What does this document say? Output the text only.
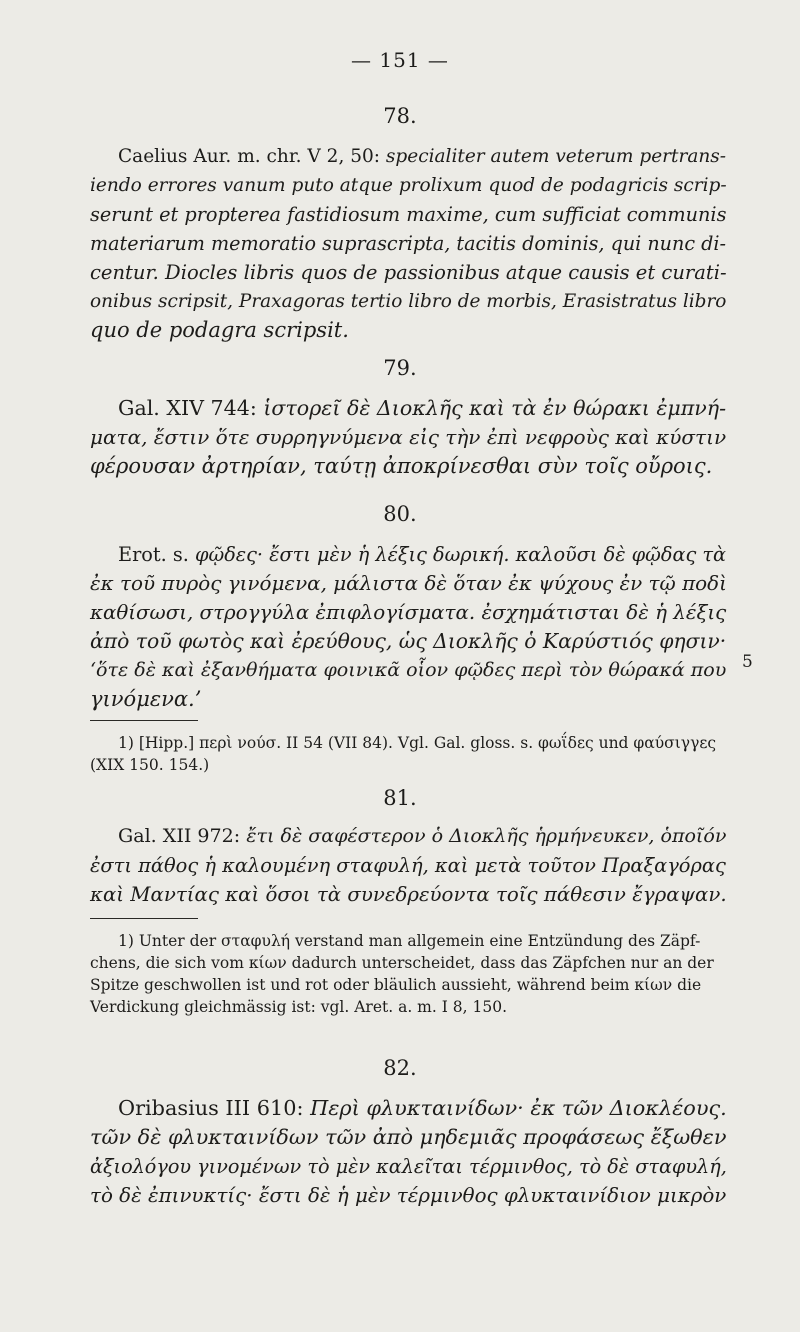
— 151 —
78.
Caelius Aur. m. chr. V 2, 50: specialiter autem veterum pertrans-
iendo errores vanum puto atque prolixum quod de podagricis scrip-
serunt et propterea fastidiosum maxime, cum sufficiat communis
materiarum memoratio suprascripta, tacitis dominis, qui nunc di-
centur. Diocles libris quos de passionibus atque causis et curati-
onibus scripsit, Praxagoras tertio libro de morbis, Erasistratus libro
quo de podagra scripsit.
79.
Gal. XIV 744: ἱστορεῖ δὲ Διοκλῆς καὶ τὰ ἐν θώρακι ἐμπνή-
ματα, ἔστιν ὅτε συρρηγνύμενα εἰς τὴν ἐπὶ νεφροὺς καὶ κύστιν
φέρουσαν ἀρτηρίαν, ταύτῃ ἀποκρίνεσθαι σὺν τοῖς οὔροις.
80.
Erot. s. φῷδες· ἔστι μὲν ἡ λέξις δωρική. καλοῦσι δὲ φῷδας τὰ
ἐκ τοῦ πυρὸς γινόμενα, μάλιστα δὲ ὅταν ἐκ ψύχους ἐν τῷ ποδὶ
καθίσωσι, στρογγύλα ἐπιφλογίσματα. ἐσχημάτισται δὲ ἡ λέξις
ἀπὸ τοῦ φωτὸς καὶ ἐρεύθους, ὡς Διοκλῆς ὁ Καρύστιός φησιν·
‘ὅτε δὲ καὶ ἐξανθήματα φοινικᾶ οἷον φῷδες περὶ τὸν θώρακά που
γινόμενα.’
5
1) [Hipp.] περὶ νούσ. II 54 (VII 84). Vgl. Gal. gloss. s. φωΐδες und φαύσιγγες
(XIX 150. 154.)
81.
Gal. XII 972: ἔτι δὲ σαφέστερον ὁ Διοκλῆς ἡρμήνευκεν, ὁποῖόν
ἐστι πάθος ἡ καλουμένη σταφυλή, καὶ μετὰ τοῦτον Πραξαγόρας
καὶ Μαντίας καὶ ὅσοι τὰ συνεδρεύοντα τοῖς πάθεσιν ἔγραψαν.
1) Unter der σταφυλή verstand man allgemein eine Entzündung des Zäpf-
chens, die sich vom κίων dadurch unterscheidet, dass das Zäpfchen nur an der
Spitze geschwollen ist und rot oder bläulich aussieht, während beim κίων die
Verdickung gleichmässig ist: vgl. Aret. a. m. I 8, 150.
82.
Oribasius III 610: Περὶ φλυκταινίδων· ἐκ τῶν Διοκλέους.
τῶν δὲ φλυκταινίδων τῶν ἀπὸ μηδεμιᾶς προφάσεως ἔξωθεν
ἀξιολόγου γινομένων τὸ μὲν καλεῖται τέρμινθος, τὸ δὲ σταφυλή,
τὸ δὲ ἐπινυκτίς· ἔστι δὲ ἡ μὲν τέρμινθος φλυκταινίδιον μικρὸν
